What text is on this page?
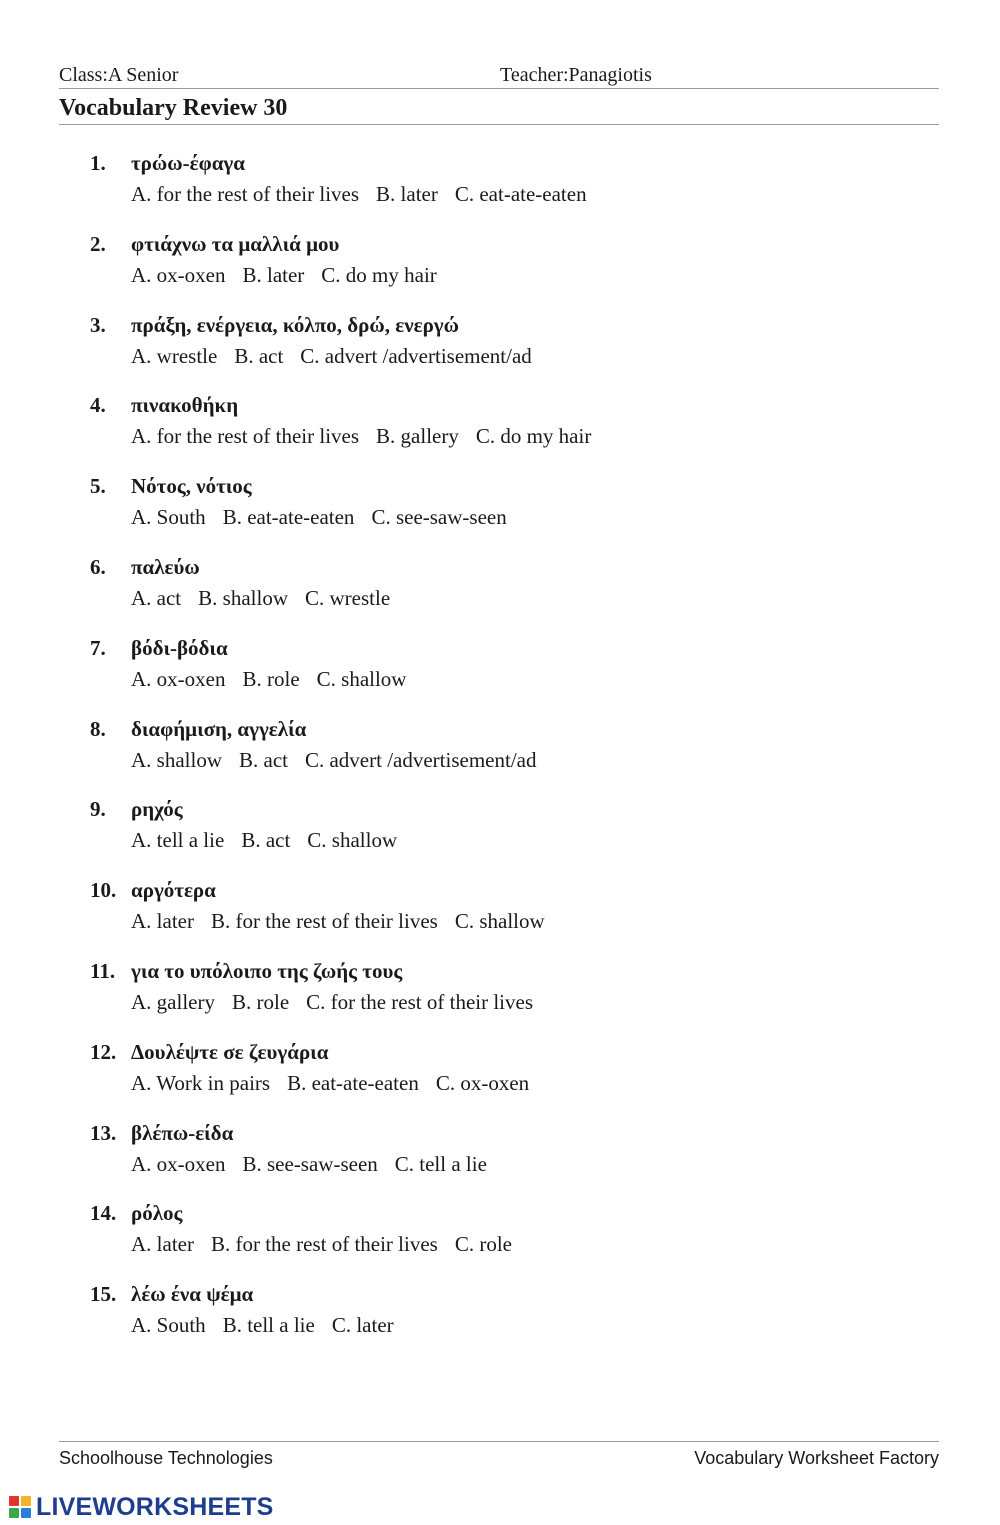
Class:A Senior	Teacher:Panagiotis
Vocabulary Review 30
1.	τρώω-έφαγα
A. for the rest of their lives B. later C. eat-ate-eaten
2.	φτιάχνω τα μαλλιά μου
A. ox-oxen B. later C. do my hair
3.	πράξη, ενέργεια, κόλπο, δρώ, ενεργώ
A. wrestle B. act C. advert /advertisement/ad
4.	πινακοθήκη
A. for the rest of their lives B. gallery C. do my hair
5.	Νότος, νότιος
A. South B. eat-ate-eaten C. see-saw-seen
6.	παλεύω
A. act B. shallow C. wrestle
7.	βόδι-βόδια
A. ox-oxen B. role C. shallow
8.	διαφήμιση, αγγελία
A. shallow B. act C. advert /advertisement/ad
9.	ρηχός
A. tell a lie B. act C. shallow
10. αργότερα
A. later B. for the rest of their lives C. shallow
11. για το υπόλοιπο της ζωής τους
A. gallery B. role C. for the rest of their lives
12. Δουλέψτε σε ζευγάρια
A. Work in pairs B. eat-ate-eaten C. ox-oxen
13. βλέπω-είδα
A. ox-oxen B. see-saw-seen C. tell a lie
14. ρόλος
A. later B. for the rest of their lives C. role
15. λέω ένα ψέμα
A. South B. tell a lie C. later
Schoolhouse Technologies	Vocabulary Worksheet Factory
LIVEWORKSHEETS
